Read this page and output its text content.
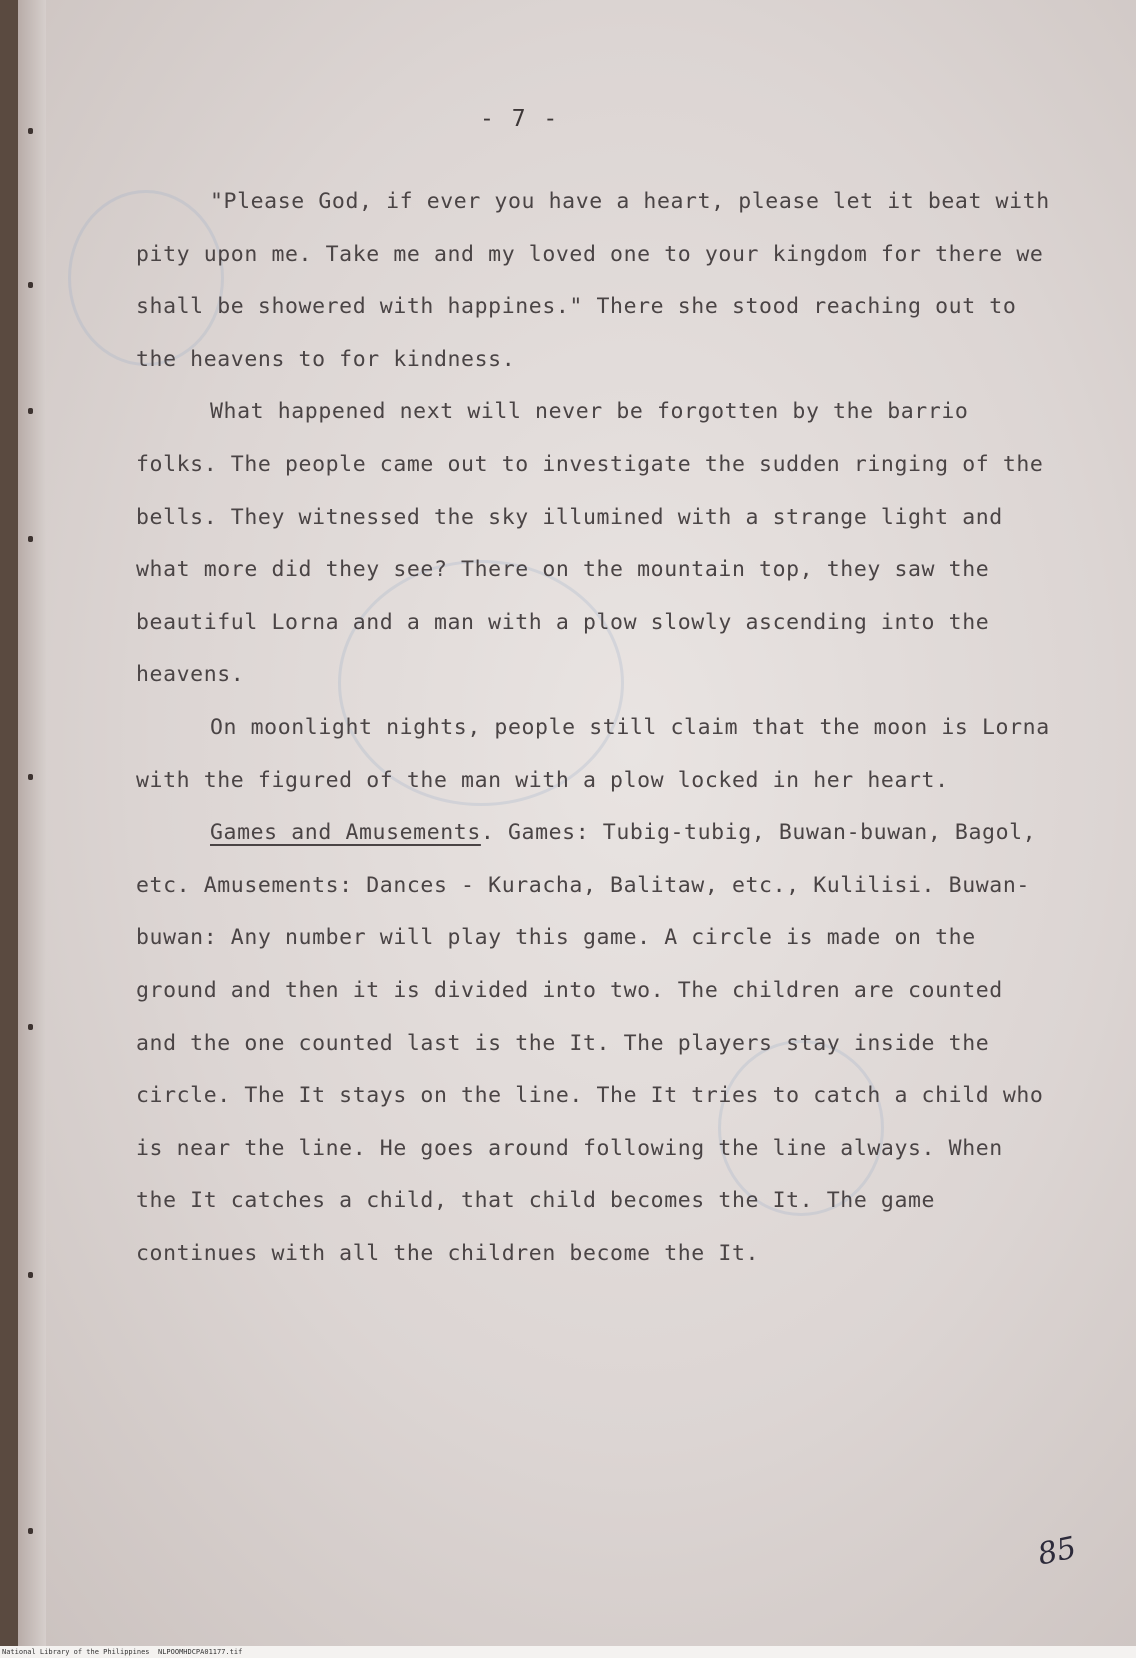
- 7 -

"Please God, if ever you have a heart, please let it beat with pity upon me. Take me and my loved one to your kingdom for there we shall be showered with happines." There she stood reaching out to the heavens to for kindness.

What happened next will never be forgotten by the barrio folks. The people came out to investigate the sudden ringing of the bells. They witnessed the sky illumined with a strange light and what more did they see? There on the mountain top, they saw the beautiful Lorna and a man with a plow slowly ascending into the heavens.

On moonlight nights, people still claim that the moon is Lorna with the figured of the man with a plow locked in her heart.

Games and Amusements. Games: Tubig-tubig, Buwan-buwan, Bagol, etc. Amusements: Dances - Kuracha, Balitaw, etc., Kulilisi. Buwan-buwan: Any number will play this game. A circle is made on the ground and then it is divided into two. The children are counted and the one counted last is the It. The players stay inside the circle. The It stays on the line. The It tries to catch a child who is near the line. He goes around following the line always. When the It catches a child, that child becomes the It. The game continues with all the children become the It.

85
National Library of the Philippines NLPOOMHDCPA01177.tif
